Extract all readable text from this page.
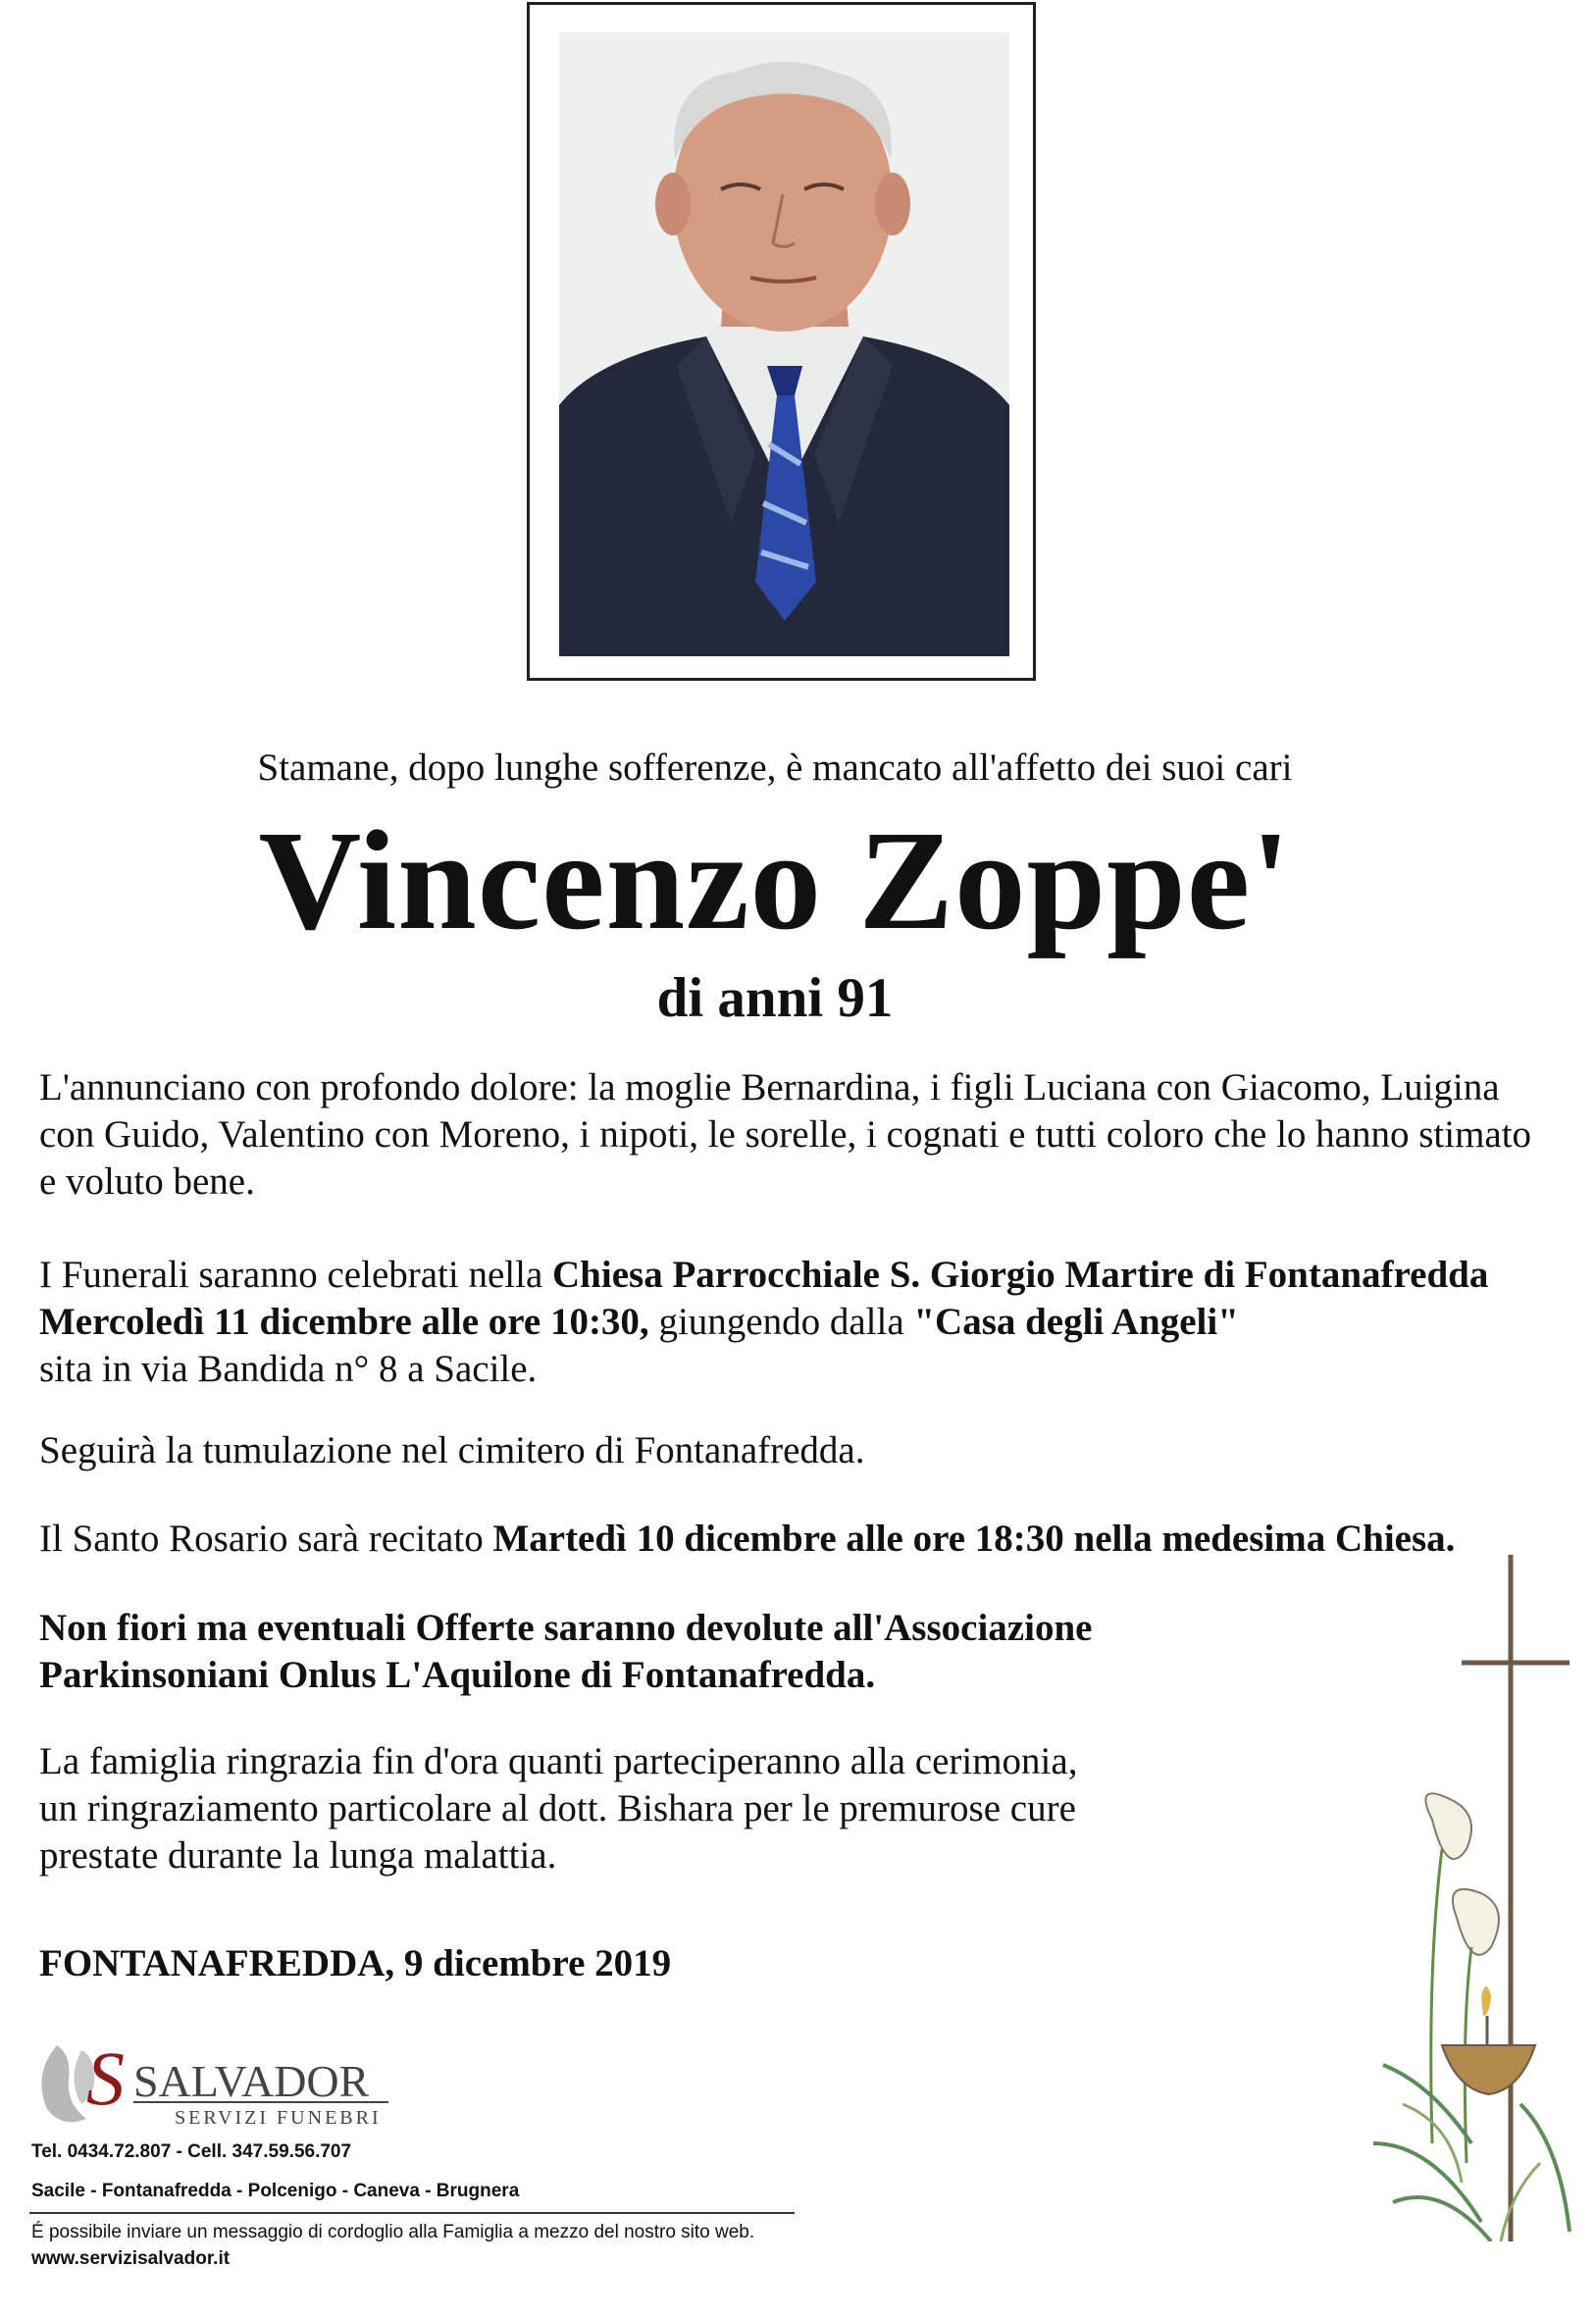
Stamane, dopo lunghe sofferenze, è mancato all'affetto dei suoi cari
Vincenzo Zoppe'
di anni 91
L'annunciano con profondo dolore: la moglie Bernardina, i figli Luciana con Giacomo, Luigina con Guido, Valentino con Moreno, i nipoti, le sorelle, i cognati e tutti coloro che lo hanno stimato e voluto bene.
I Funerali saranno celebrati nella Chiesa Parrocchiale S. Giorgio Martire di Fontanafredda
Mercoledì 11 dicembre alle ore 10:30, giungendo dalla "Casa degli Angeli"
sita in via Bandida n° 8 a Sacile.
Seguirà la tumulazione nel cimitero di Fontanafredda.
Il Santo Rosario sarà recitato Martedì 10 dicembre alle ore 18:30 nella medesima Chiesa.
Non fiori ma eventuali Offerte saranno devolute all'Associazione
Parkinsoniani Onlus L'Aquilone di Fontanafredda.
La famiglia ringrazia fin d'ora quanti parteciperanno alla cerimonia,
un ringraziamento particolare al dott. Bishara per le premurose cure
prestate durante la lunga malattia.
FONTANAFREDDA, 9 dicembre 2019
S SALVADOR
SERVIZI FUNEBRI
Tel. 0434.72.807 - Cell. 347.59.56.707
Sacile - Fontanafredda - Polcenigo - Caneva - Brugnera
É possibile inviare un messaggio di cordoglio alla Famiglia a mezzo del nostro sito web.
www.servizisalvador.it
